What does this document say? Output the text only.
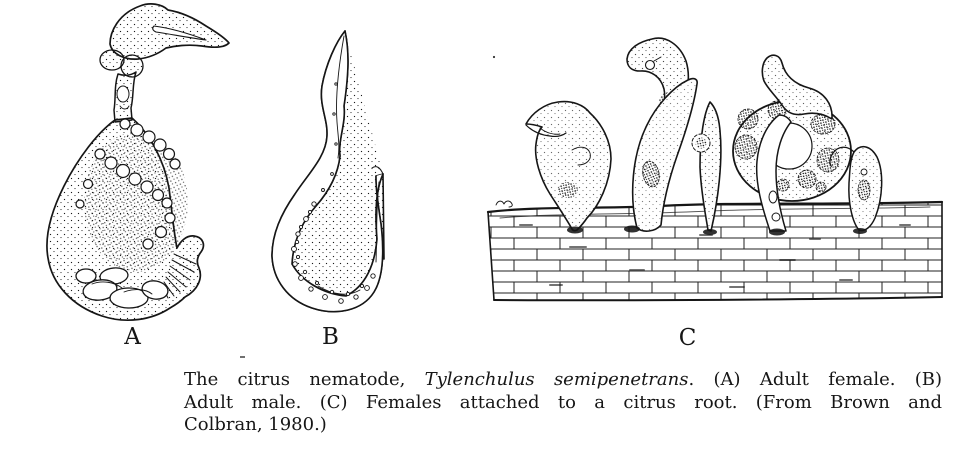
A	B	C
The citrus nematode, Tylenchulus semipenetrans. (A) Adult female. (B)
Adult male. (C) Females attached to a citrus root. (From Brown and
Colbran, 1980.)
